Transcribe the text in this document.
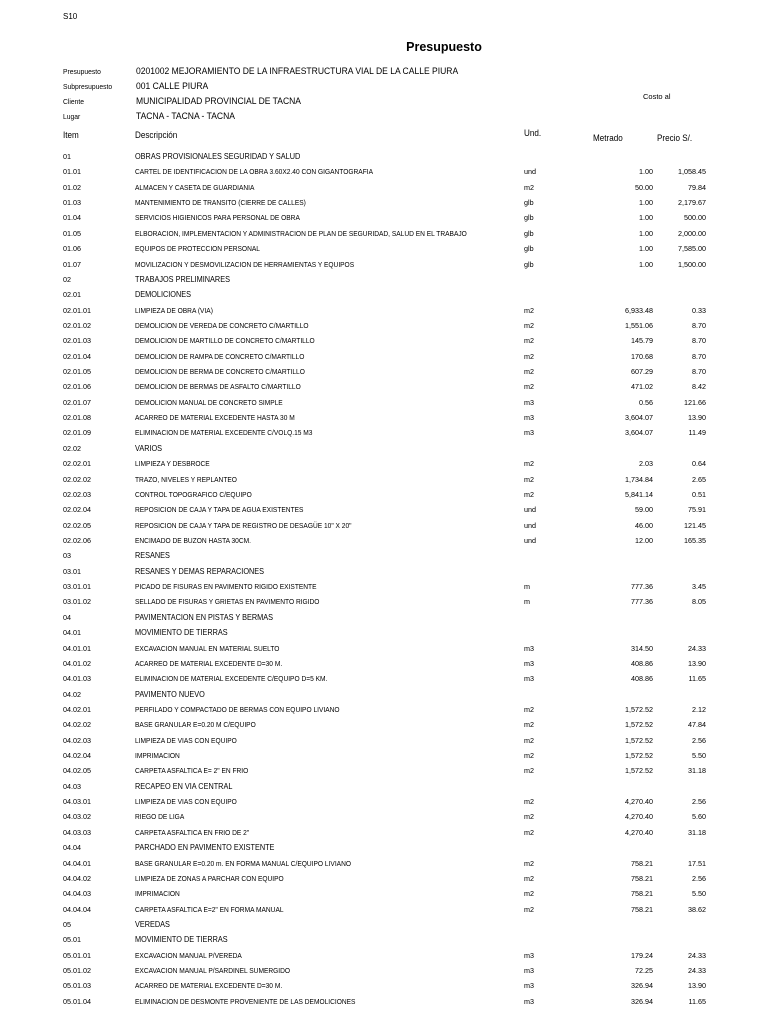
S10
Presupuesto
Presupuesto	0201002 MEJORAMIENTO DE LA INFRAESTRUCTURA VIAL DE LA CALLE PIURA
Subpresupuesto	001 CALLE PIURA
Cliente	MUNICIPALIDAD PROVINCIAL DE TACNA
Lugar	TACNA - TACNA - TACNA
Costo al
Item	Descripción	Und.	Metrado	Precio S/.
01	OBRAS PROVISIONALES SEGURIDAD Y SALUD
01.01	CARTEL DE IDENTIFICACION DE LA OBRA 3.60X2.40 CON GIGANTOGRAFIA	und	1.00	1,058.45
01.02	ALMACEN Y CASETA DE GUARDIANIA	m2	50.00	79.84
01.03	MANTENIMIENTO DE TRANSITO (CIERRE DE CALLES)	glb	1.00	2,179.67
01.04	SERVICIOS HIGIENICOS PARA PERSONAL DE OBRA	glb	1.00	500.00
01.05	ELBORACION, IMPLEMENTACION Y ADMINISTRACION DE PLAN DE SEGURIDAD, SALUD EN EL TRABAJO	glb	1.00	2,000.00
01.06	EQUIPOS DE PROTECCION PERSONAL	glb	1.00	7,585.00
01.07	MOVILIZACION Y DESMOVILIZACION DE HERRAMIENTAS Y EQUIPOS	glb	1.00	1,500.00
02	TRABAJOS PRELIMINARES
02.01	DEMOLICIONES
02.01.01	LIMPIEZA DE OBRA (VIA)	m2	6,933.48	0.33
02.01.02	DEMOLICION DE VEREDA DE CONCRETO C/MARTILLO	m2	1,551.06	8.70
02.01.03	DEMOLICION DE MARTILLO DE CONCRETO C/MARTILLO	m2	145.79	8.70
02.01.04	DEMOLICION DE RAMPA DE CONCRETO C/MARTILLO	m2	170.68	8.70
02.01.05	DEMOLICION DE BERMA DE CONCRETO C/MARTILLO	m2	607.29	8.70
02.01.06	DEMOLICION DE BERMAS DE ASFALTO C/MARTILLO	m2	471.02	8.42
02.01.07	DEMOLICION MANUAL DE CONCRETO SIMPLE	m3	0.56	121.66
02.01.08	ACARREO DE MATERIAL EXCEDENTE HASTA 30 M	m3	3,604.07	13.90
02.01.09	ELIMINACION DE MATERIAL EXCEDENTE C/VOLQ.15 M3	m3	3,604.07	11.49
02.02	VARIOS
02.02.01	LIMPIEZA Y DESBROCE	m2	2.03	0.64
02.02.02	TRAZO, NIVELES Y REPLANTEO	m2	1,734.84	2.65
02.02.03	CONTROL TOPOGRAFICO C/EQUIPO	m2	5,841.14	0.51
02.02.04	REPOSICION DE CAJA Y TAPA DE AGUA EXISTENTES	und	59.00	75.91
02.02.05	REPOSICION DE CAJA Y TAPA DE REGISTRO DE DESAGÜE 10" X 20"	und	46.00	121.45
02.02.06	ENCIMADO DE BUZON HASTA 30CM.	und	12.00	165.35
03	RESANES
03.01	RESANES Y DEMAS REPARACIONES
03.01.01	PICADO DE FISURAS EN PAVIMENTO RIGIDO EXISTENTE	m	777.36	3.45
03.01.02	SELLADO DE FISURAS Y GRIETAS EN PAVIMENTO RIGIDO	m	777.36	8.05
04	PAVIMENTACION EN PISTAS Y BERMAS
04.01	MOVIMIENTO DE TIERRAS
04.01.01	EXCAVACION MANUAL EN MATERIAL SUELTO	m3	314.50	24.33
04.01.02	ACARREO DE MATERIAL EXCEDENTE D=30 M.	m3	408.86	13.90
04.01.03	ELIMINACION DE MATERIAL EXCEDENTE C/EQUIPO D=5 KM.	m3	408.86	11.65
04.02	PAVIMENTO NUEVO
04.02.01	PERFILADO Y COMPACTADO DE BERMAS CON EQUIPO LIVIANO	m2	1,572.52	2.12
04.02.02	BASE GRANULAR E=0.20 M C/EQUIPO	m2	1,572.52	47.84
04.02.03	LIMPIEZA DE VIAS CON EQUIPO	m2	1,572.52	2.56
04.02.04	IMPRIMACION	m2	1,572.52	5.50
04.02.05	CARPETA ASFALTICA E= 2" EN FRIO	m2	1,572.52	31.18
04.03	RECAPEO EN VIA CENTRAL
04.03.01	LIMPIEZA DE VIAS CON EQUIPO	m2	4,270.40	2.56
04.03.02	RIEGO DE LIGA	m2	4,270.40	5.60
04.03.03	CARPETA ASFALTICA EN FRIO DE 2"	m2	4,270.40	31.18
04.04	PARCHADO EN PAVIMENTO EXISTENTE
04.04.01	BASE GRANULAR E=0.20 m. EN FORMA MANUAL C/EQUIPO LIVIANO	m2	758.21	17.51
04.04.02	LIMPIEZA DE ZONAS A PARCHAR CON EQUIPO	m2	758.21	2.56
04.04.03	IMPRIMACION	m2	758.21	5.50
04.04.04	CARPETA ASFALTICA E=2" EN FORMA MANUAL	m2	758.21	38.62
05	VEREDAS
05.01	MOVIMIENTO DE TIERRAS
05.01.01	EXCAVACION MANUAL P/VEREDA	m3	179.24	24.33
05.01.02	EXCAVACION MANUAL P/SARDINEL SUMERGIDO	m3	72.25	24.33
05.01.03	ACARREO DE MATERIAL EXCEDENTE D=30 M.	m3	326.94	13.90
05.01.04	ELIMINACION DE DESMONTE PROVENIENTE DE LAS DEMOLICIONES	m3	326.94	11.65
